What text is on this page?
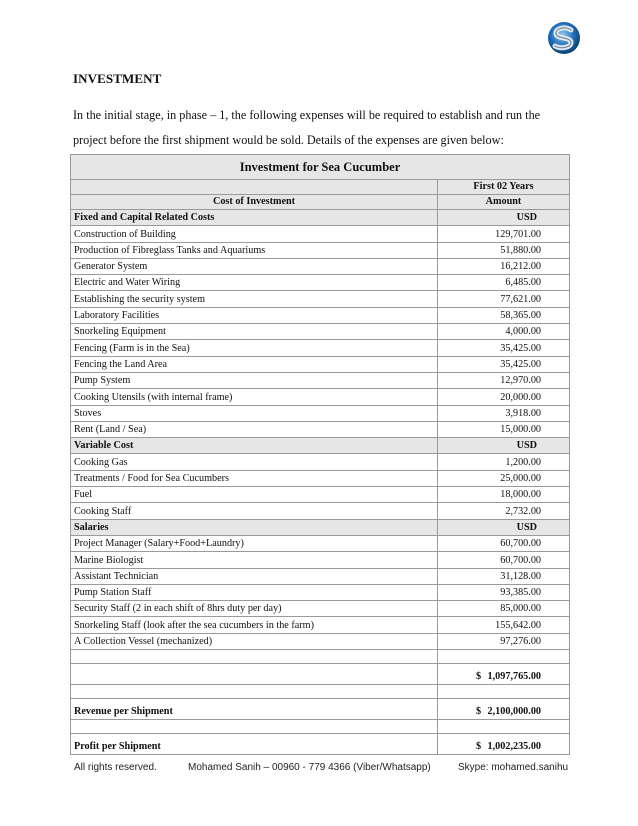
INVESTMENT
In the initial stage, in phase – 1, the following expenses will be required to establish and run the project before the first shipment would be sold. Details of the expenses are given below:
Investment for Sea Cucumber	
	First 02 Years
Cost of Investment	Amount
Fixed and Capital Related Costs	USD
Construction of Building	129,701.00
Production of Fibreglass Tanks and Aquariums	51,880.00
Generator System	16,212.00
Electric and Water Wiring	6,485.00
Establishing the security system	77,621.00
Laboratory Facilities	58,365.00
Snorkeling Equipment	4,000.00
Fencing (Farm is in the Sea)	35,425.00
Fencing the Land Area	35,425.00
Pump System	12,970.00
Cooking Utensils (with internal frame)	20,000.00
Stoves	3,918.00
Rent (Land / Sea)	15,000.00
Variable Cost	USD
Cooking Gas	1,200.00
Treatments / Food for Sea Cucumbers	25,000.00
Fuel	18,000.00
Cooking Staff	2,732.00
Salaries	USD
Project Manager (Salary+Food+Laundry)	60,700.00
Marine Biologist	60,700.00
Assistant Technician	31,128.00
Pump Station Staff	93,385.00
Security Staff (2 in each shift of 8hrs duty per day)	85,000.00
Snorkeling Staff (look after the sea cucumbers in the farm)	155,642.00
A Collection Vessel (mechanized)	97,276.00

	$ 1,097,765.00

Revenue per Shipment	$ 2,100,000.00

Profit per Shipment	$ 1,002,235.00
All rights reserved.	Mohamed Sanih – 00960 - 779 4366 (Viber/Whatsapp)	Skype: mohamed.sanihu
